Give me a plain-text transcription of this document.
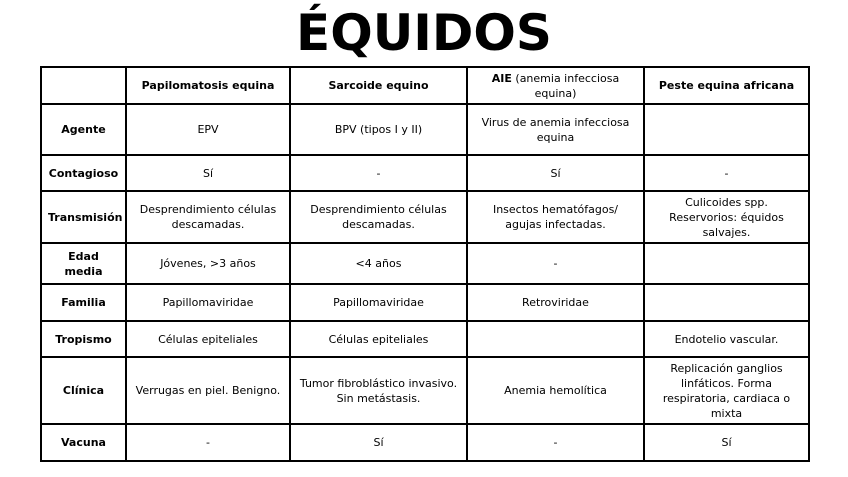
ÉQUIDOS
	Papilomatosis equina	Sarcoide equino	AIE (anemia infecciosa equina)	Peste equina africana
Agente	EPV	BPV (tipos I y II)	Virus de anemia infecciosa equina	
Contagioso	Sí	-	Sí	-
Transmisión	Desprendimiento células descamadas.	Desprendimiento células descamadas.	Insectos hematófagos/ agujas infectadas.	Culicoides spp. Reservorios: équidos salvajes.
Edad media	Jóvenes, >3 años	<4 años	-	
Familia	Papillomaviridae	Papillomaviridae	Retroviridae	
Tropismo	Células epiteliales	Células epiteliales		Endotelio vascular.
Clínica	Verrugas en piel. Benigno.	Tumor fibroblástico invasivo. Sin metástasis.	Anemia hemolítica	Replicación ganglios linfáticos. Forma respiratoria, cardiaca o mixta
Vacuna	-	Sí	-	Sí
